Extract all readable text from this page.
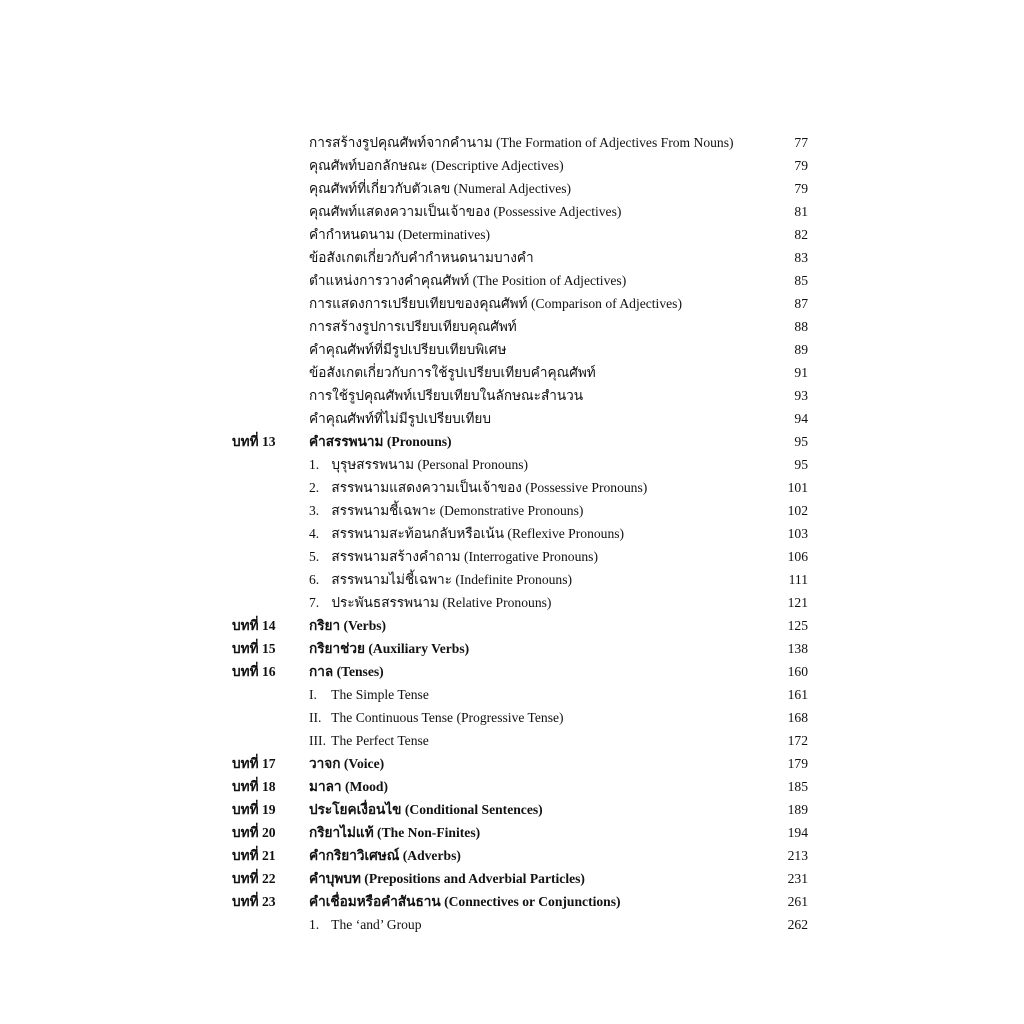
การสร้างรูปคุณศัพท์จากคำนาม (The Formation of Adjectives From Nouns)	77
คุณศัพท์บอกลักษณะ (Descriptive Adjectives)	79
คุณศัพท์ที่เกี่ยวกับตัวเลข (Numeral Adjectives)	79
คุณศัพท์แสดงความเป็นเจ้าของ (Possessive Adjectives)	81
คำกำหนดนาม (Determinatives)	82
ข้อสังเกตเกี่ยวกับคำกำหนดนามบางคำ	83
ตำแหน่งการวางคำคุณศัพท์ (The Position of Adjectives)	85
การแสดงการเปรียบเทียบของคุณศัพท์ (Comparison of Adjectives)	87
การสร้างรูปการเปรียบเทียบคุณศัพท์	88
คำคุณศัพท์ที่มีรูปเปรียบเทียบพิเศษ	89
ข้อสังเกตเกี่ยวกับการใช้รูปเปรียบเทียบคำคุณศัพท์	91
การใช้รูปคุณศัพท์เปรียบเทียบในลักษณะสำนวน	93
คำคุณศัพท์ที่ไม่มีรูปเปรียบเทียบ	94
บทที่ 13 คำสรรพนาม (Pronouns)	95
1. บุรุษสรรพนาม (Personal Pronouns)	95
2. สรรพนามแสดงความเป็นเจ้าของ (Possessive Pronouns)	101
3. สรรพนามชี้เฉพาะ (Demonstrative Pronouns)	102
4. สรรพนามสะท้อนกลับหรือเน้น (Reflexive Pronouns)	103
5. สรรพนามสร้างคำถาม (Interrogative Pronouns)	106
6. สรรพนามไม่ชี้เฉพาะ (Indefinite Pronouns)	111
7. ประพันธสรรพนาม (Relative Pronouns)	121
บทที่ 14 กริยา (Verbs)	125
บทที่ 15 กริยาช่วย (Auxiliary Verbs)	138
บทที่ 16 กาล (Tenses)	160
I. The Simple Tense	161
II. The Continuous Tense (Progressive Tense)	168
III. The Perfect Tense	172
บทที่ 17 วาจก (Voice)	179
บทที่ 18 มาลา (Mood)	185
บทที่ 19 ประโยคเงื่อนไข (Conditional Sentences)	189
บทที่ 20 กริยาไม่แท้ (The Non-Finites)	194
บทที่ 21 คำกริยาวิเศษณ์ (Adverbs)	213
บทที่ 22 คำบุพบท (Prepositions and Adverbial Particles)	231
บทที่ 23 คำเชื่อมหรือคำสันธาน (Connectives or Conjunctions)	261
1. The ‘and’ Group	262
